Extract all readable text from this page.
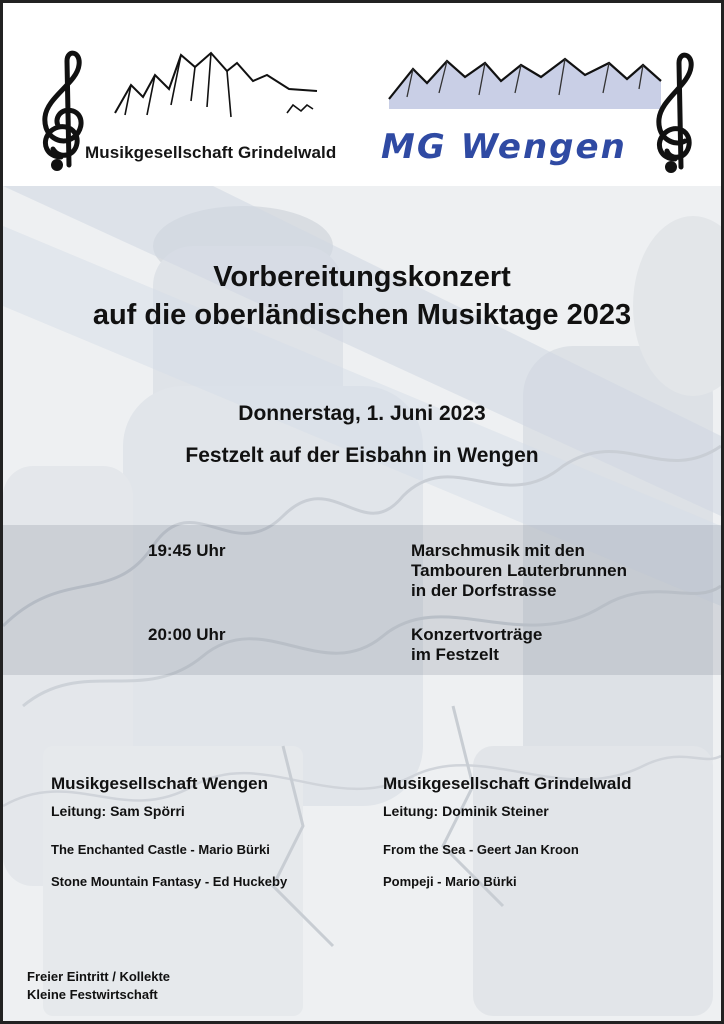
Musikgesellschaft Grindelwald MG Wengen
Vorbereitungskonzert
auf die oberländischen Musiktage 2023
Donnerstag, 1. Juni 2023
Festzelt auf der Eisbahn in Wengen
19:45 Uhr	Marschmusik mit den
Tambouren Lauterbrunnen
in der Dorfstrasse
20:00 Uhr	Konzertvorträge
im Festzelt
Musikgesellschaft Wengen
Leitung: Sam Spörri
The Enchanted Castle - Mario Bürki
Stone Mountain Fantasy - Ed Huckeby
Musikgesellschaft Grindelwald
Leitung: Dominik Steiner
From the Sea - Geert Jan Kroon
Pompeji - Mario Bürki
Freier Eintritt / Kollekte
Kleine Festwirtschaft
